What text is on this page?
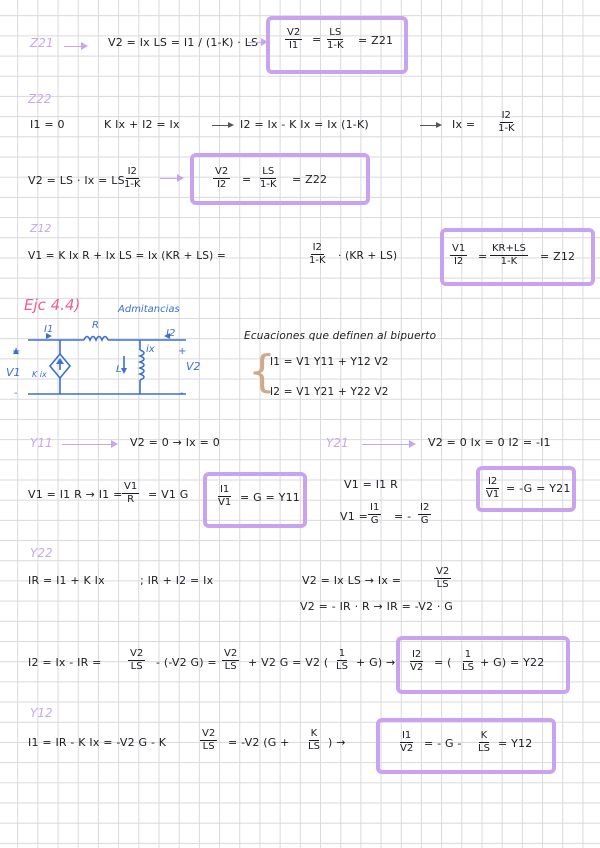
Z21	V2 = Ix LS = I1 / (1-K) · LS	$\frac{V2}{I1} = \frac{LS}{1-K} = Z21$
Z22
I1 = 0	K Ix + I2 = Ix	I2 = Ix - K Ix = Ix (1-K)	$Ix = \frac{I2}{1-K}$
V2 = LS · Ix = LS
$\frac{I2}{1-K}$	$\frac{V2}{I2} = \frac{LS}{1-K} = Z22$
Z12
V1 = K Ix R + Ix LS = Ix (KR + LS) =	$\frac{I2}{1-K} \cdot (KR + LS)$	$\frac{V1}{I2} = \frac{KR+LS}{1-K} = Z12$
Ejc 4.4)	Admitancias
I1	R
I2
ix
L
K ix
V1	V2
+
-
+
-
Ecuaciones que definen al bipuerto
{
I1 = V1 Y11 + Y12 V2
I2 = V1 Y21 + Y22 V2
Y11	V2 = 0 → Ix = 0
V1 = I1 $R \to I1 = \frac{V1}{R} = V1$ G	$\frac{I1}{V1} = G = Y11$
Y21	V2 = 0 Ix = 0 I2 = -I1
V1 = I1 R
$V1 = \frac{I1}{G}$ = - $\frac{I2}{G}$
$\frac{I2}{V1} = -G = Y21$
Y22
IR = I1 + K Ix	; IR + I2 = Ix	V2 = Ix LS → Ix =	$\frac{V2}{LS}$
V2 = - IR · R → IR = -V2 · G
I2 = Ix - IR =	$\frac{V2}{LS} - (-V2$ $G) = \frac{V2}{LS} + V2$ G = V2 ( $\frac{1}{LS} + G) \to \frac{I2}{V2}$ = ( $\frac{1}{LS} + G) = Y22$
Y12
I1 = IR - K Ix = -V2 G - K	$\frac{V2}{LS} = -V2$ ($G + \frac{K}{LS}$ ) →	$\frac{I1}{V2}$ = - $G - \frac{K}{LS} = Y12$
